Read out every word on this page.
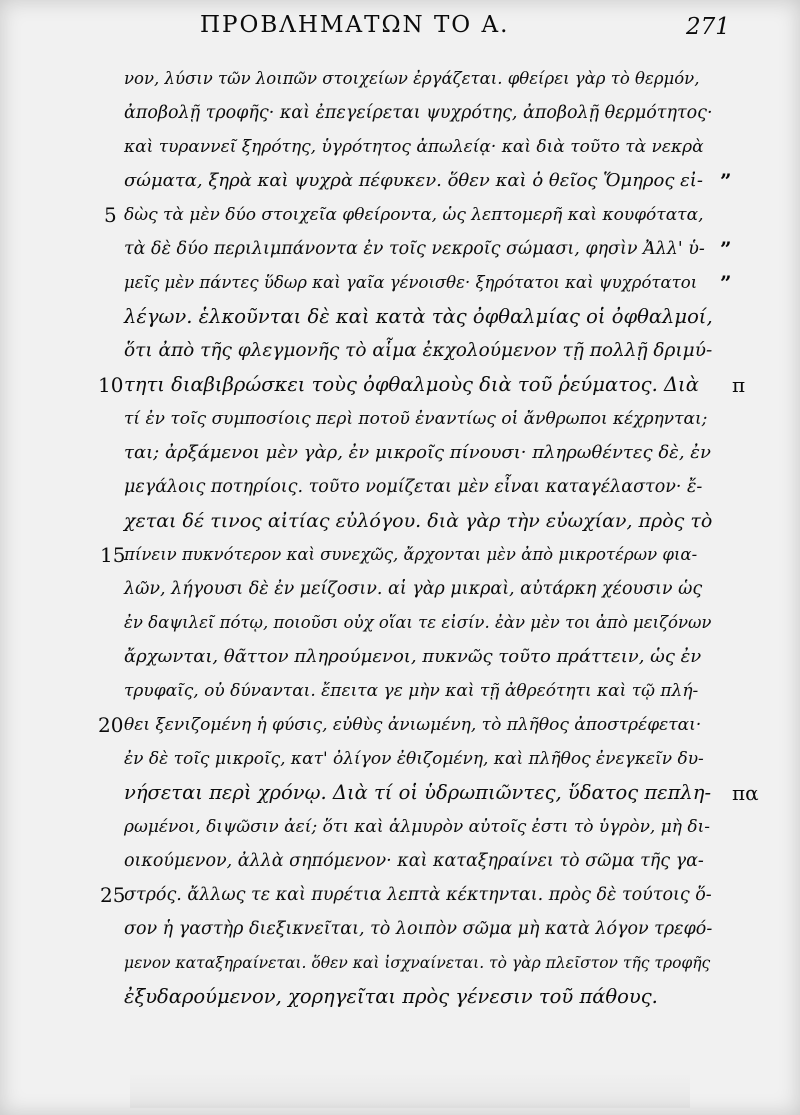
ΠΡΟΒΛΗΜΑΤΩΝ ΤΟ Α.	271
νον, λύσιν τῶν λοιπῶν στοιχείων ἐργάζεται. φθείρει γὰρ τὸ θερμόν,
ἀποβολῇ τροφῆς· καὶ ἐπεγείρεται ψυχρότης, ἀποβολῇ θερμότητος·
καὶ τυραννεῖ ξηρότης, ὑγρότητος ἀπωλείᾳ· καὶ διὰ τοῦτο τὰ νεκρὰ
σώματα, ξηρὰ καὶ ψυχρὰ πέφυκεν. ὅθεν καὶ ὁ θεῖος Ὅμηρος εἰ-
δὼς τὰ μὲν δύο στοιχεῖα φθείροντα, ὡς λεπτομερῆ καὶ κουφότατα,
τὰ δὲ δύο περιλιμπάνοντα ἐν τοῖς νεκροῖς σώμασι, φησὶν Ἀλλ' ὑ-
μεῖς μὲν πάντες ὕδωρ καὶ γαῖα γένοισθε· ξηρότατοι καὶ ψυχρότατοι
λέγων. ἑλκοῦνται δὲ καὶ κατὰ τὰς ὀφθαλμίας οἱ ὀφθαλμοί,
ὅτι ἀπὸ τῆς φλεγμονῆς τὸ αἷμα ἐκχολούμενον τῇ πολλῇ δριμύ-
τητι διαβιβρώσκει τοὺς ὀφθαλμοὺς διὰ τοῦ ῥεύματος. Διὰ
τί ἐν τοῖς συμποσίοις περὶ ποτοῦ ἐναντίως οἱ ἄνθρωποι κέχρηνται;
ται; ἀρξάμενοι μὲν γὰρ, ἐν μικροῖς πίνουσι· πληρωθέντες δὲ, ἐν
μεγάλοις ποτηρίοις. τοῦτο νομίζεται μὲν εἶναι καταγέλαστον· ἔ-
χεται δέ τινος αἰτίας εὐλόγου. διὰ γὰρ τὴν εὐωχίαν, πρὸς τὸ
πίνειν πυκνότερον καὶ συνεχῶς, ἄρχονται μὲν ἀπὸ μικροτέρων φια-
λῶν, λήγουσι δὲ ἐν μείζοσιν. αἱ γὰρ μικραὶ, αὐτάρκη χέουσιν ὡς
ἐν δαψιλεῖ πότῳ, ποιοῦσι οὐχ οἵαι τε εἰσίν. ἐὰν μὲν τοι ἀπὸ μειζόνων
ἄρχωνται, θᾶττον πληρούμενοι, πυκνῶς τοῦτο πράττειν, ὡς ἐν
τρυφαῖς, οὐ δύνανται. ἔπειτα γε μὴν καὶ τῇ ἀθρεότητι καὶ τῷ πλή-
θει ξενιζομένη ἡ φύσις, εὐθὺς ἀνιωμένη, τὸ πλῆθος ἀποστρέφεται·
ἐν δὲ τοῖς μικροῖς, κατ' ὀλίγον ἐθιζομένη, καὶ πλῆθος ἐνεγκεῖν δυ-
νήσεται περὶ χρόνῳ. Διὰ τί οἱ ὑδρωπιῶντες, ὕδατος πεπλη-
ρωμένοι, διψῶσιν ἀεί; ὅτι καὶ ἁλμυρὸν αὐτοῖς ἐστι τὸ ὑγρὸν, μὴ δι-
οικούμενον, ἀλλὰ σηπόμενον· καὶ καταξηραίνει τὸ σῶμα τῆς γα-
στρός. ἄλλως τε καὶ πυρέτια λεπτὰ κέκτηνται. πρὸς δὲ τούτοις ὅ-
σον ἡ γαστὴρ διεξικνεῖται, τὸ λοιπὸν σῶμα μὴ κατὰ λόγον τρεφό-
μενον καταξηραίνεται. ὅθεν καὶ ἰσχναίνεται. τὸ γὰρ πλεῖστον τῆς τροφῆς
ἐξυδαρούμενον, χορηγεῖται πρὸς γένεσιν τοῦ πάθους.
5
10
15
20
25
”
”
”
π
πα
